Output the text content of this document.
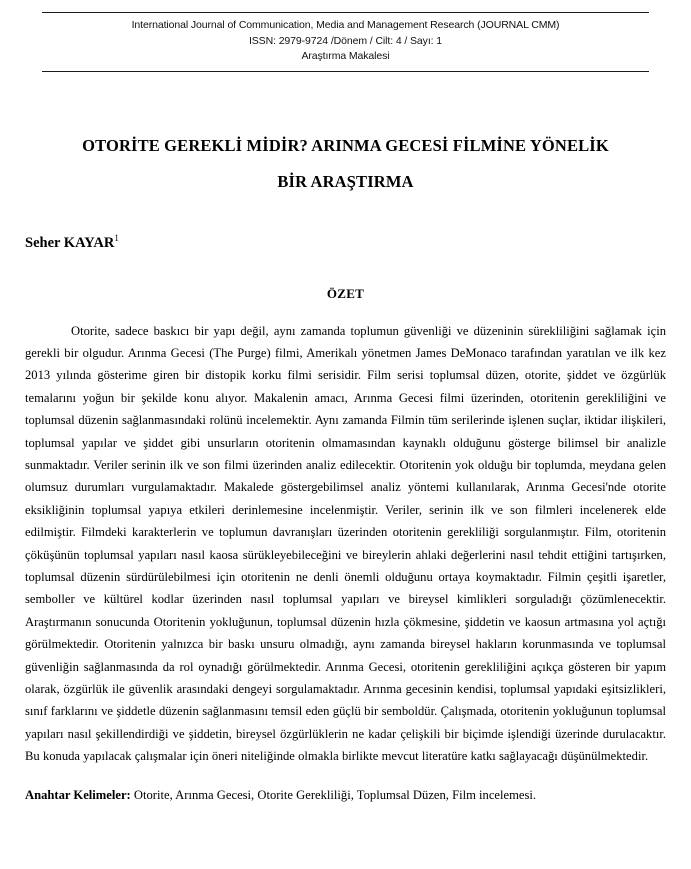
International Journal of Communication, Media and Management Research (JOURNAL CMM)
ISSN: 2979-9724 /Dönem / Cilt: 4 / Sayı: 1
Araştırma Makalesi
OTORİTE GEREKLİ MİDİR? ARINMA GECESİ FİLMİNE YÖNELİK
BİR ARAŞTIRMA
Seher KAYAR$^1$
ÖZET

Otorite, sadece baskıcı bir yapı değil, aynı zamanda toplumun güvenliği ve düzeninin sürekliliğini sağlamak için gerekli bir olgudur. Arınma Gecesi (The Purge) filmi, Amerikalı yönetmen James DeMonaco tarafından yaratılan ve ilk kez 2013 yılında gösterime giren bir distopik korku filmi serisidir. Film serisi toplumsal düzen, otorite, şiddet ve özgürlük temalarını yoğun bir şekilde konu alıyor. Makalenin amacı, Arınma Gecesi filmi üzerinden, otoritenin gerekliliğini ve toplumsal düzenin sağlanmasındaki rolünü incelemektir. Aynı zamanda Filmin tüm serilerinde işlenen suçlar, iktidar ilişkileri, toplumsal yapılar ve şiddet gibi unsurların otoritenin olmamasından kaynaklı olduğunu gösterge bilimsel bir analizle sunmaktadır. Veriler serinin ilk ve son filmi üzerinden analiz edilecektir. Otoritenin yok olduğu bir toplumda, meydana gelen olumsuz durumları vurgulamaktadır. Makalede göstergebilimsel analiz yöntemi kullanılarak, Arınma Gecesi'nde otorite eksikliğinin toplumsal yapıya etkileri derinlemesine incelenmiştir. Veriler, serinin ilk ve son filmleri incelenerek elde edilmiştir. Filmdeki karakterlerin ve toplumun davranışları üzerinden otoritenin gerekliliği sorgulanmıştır. Film, otoritenin çöküşünün toplumsal yapıları nasıl kaosa sürükleyebileceğini ve bireylerin ahlaki değerlerini nasıl tehdit ettiğini tartışırken, toplumsal düzenin sürdürülebilmesi için otoritenin ne denli önemli olduğunu ortaya koymaktadır. Filmin çeşitli işaretler, semboller ve kültürel kodlar üzerinden nasıl toplumsal yapıları ve bireysel kimlikleri sorguladığı çözümlenecektir. Araştırmanın sonucunda Otoritenin yokluğunun, toplumsal düzenin hızla çökmesine, şiddetin ve kaosun artmasına yol açtığı görülmektedir. Otoritenin yalnızca bir baskı unsuru olmadığı, aynı zamanda bireysel hakların korunmasında ve toplumsal güvenliğin sağlanmasında da rol oynadığı görülmektedir. Arınma Gecesi, otoritenin gerekliliğini açıkça gösteren bir yapım olarak, özgürlük ile güvenlik arasındaki dengeyi sorgulamaktadır. Arınma gecesinin kendisi, toplumsal yapıdaki eşitsizlikleri, sınıf farklarını ve şiddetle düzenin sağlanmasını temsil eden güçlü bir semboldür. Çalışmada, otoritenin yokluğunun toplumsal yapıları nasıl şekillendirdiği ve şiddetin, bireysel özgürlüklerin ne kadar çelişkili bir biçimde işlendiği üzerinde durulacaktır. Bu konuda yapılacak çalışmalar için öneri niteliğinde olmakla birlikte mevcut literatüre katkı sağlayacağı düşünülmektedir.

Anahtar Kelimeler: Otorite, Arınma Gecesi, Otorite Gerekliliği, Toplumsal Düzen, Film incelemesi.
